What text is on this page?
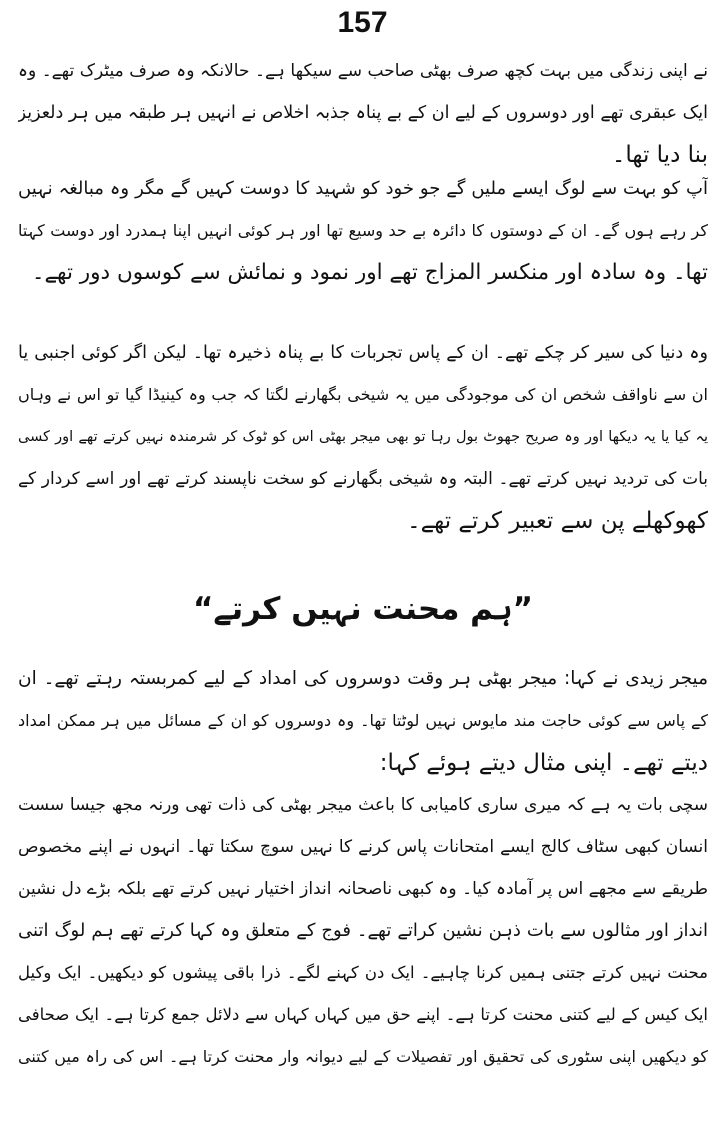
157
نے اپنی زندگی میں بہت کچھ صرف بھٹی صاحب سے سیکھا ہے۔ حالانکہ وہ صرف میٹرک تھے۔ وہ
ایک عبقری تھے اور دوسروں کے لیے ان کے بے پناہ جذبہ اخلاص نے انہیں ہر طبقہ میں ہر دلعزیز
بنا دیا تھا۔
آپ کو بہت سے لوگ ایسے ملیں گے جو خود کو شہید کا دوست کہیں گے مگر وہ مبالغہ نہیں
کر رہے ہوں گے۔ ان کے دوستوں کا دائرہ بے حد وسیع تھا اور ہر کوئی انہیں اپنا ہمدرد اور دوست کہتا
تھا۔ وہ سادہ اور منکسر المزاج تھے اور نمود و نمائش سے کوسوں دور تھے۔
وہ دنیا کی سیر کر چکے تھے۔ ان کے پاس تجربات کا بے پناہ ذخیرہ تھا۔ لیکن اگر کوئی اجنبی یا
ان سے ناواقف شخص ان کی موجودگی میں یہ شیخی بگھارنے لگتا کہ جب وہ کینیڈا گیا تو اس نے وہاں
یہ کیا یا یہ دیکھا اور وہ صریح جھوٹ بول رہا تو بھی میجر بھٹی اس کو ٹوک کر شرمندہ نہیں کرتے تھے اور کسی
بات کی تردید نہیں کرتے تھے۔ البتہ وہ شیخی بگھارنے کو سخت ناپسند کرتے تھے اور اسے کردار کے
کھوکھلے پن سے تعبیر کرتے تھے۔
”ہم محنت نہیں کرتے“
میجر زیدی نے کہا: میجر بھٹی ہر وقت دوسروں کی امداد کے لیے کمربستہ رہتے تھے۔ ان
کے پاس سے کوئی حاجت مند مایوس نہیں لوٹتا تھا۔ وہ دوسروں کو ان کے مسائل میں ہر ممکن امداد
دیتے تھے۔ اپنی مثال دیتے ہوئے کہا:
سچی بات یہ ہے کہ میری ساری کامیابی کا باعث میجر بھٹی کی ذات تھی ورنہ مجھ جیسا سست
انسان کبھی سٹاف کالج ایسے امتحانات پاس کرنے کا نہیں سوچ سکتا تھا۔ انہوں نے اپنے مخصوص
طریقے سے مجھے اس پر آمادہ کیا۔ وہ کبھی ناصحانہ انداز اختیار نہیں کرتے تھے بلکہ بڑے دل نشین
انداز اور مثالوں سے بات ذہن نشین کراتے تھے۔ فوج کے متعلق وہ کہا کرتے تھے ہم لوگ اتنی
محنت نہیں کرتے جتنی ہمیں کرنا چاہیے۔ ایک دن کہنے لگے۔ ذرا باقی پیشوں کو دیکھیں۔ ایک وکیل
ایک کیس کے لیے کتنی محنت کرتا ہے۔ اپنے حق میں کہاں کہاں سے دلائل جمع کرتا ہے۔ ایک صحافی
کو دیکھیں اپنی سٹوری کی تحقیق اور تفصیلات کے لیے دیوانہ وار محنت کرتا ہے۔ اس کی راہ میں کتنی
